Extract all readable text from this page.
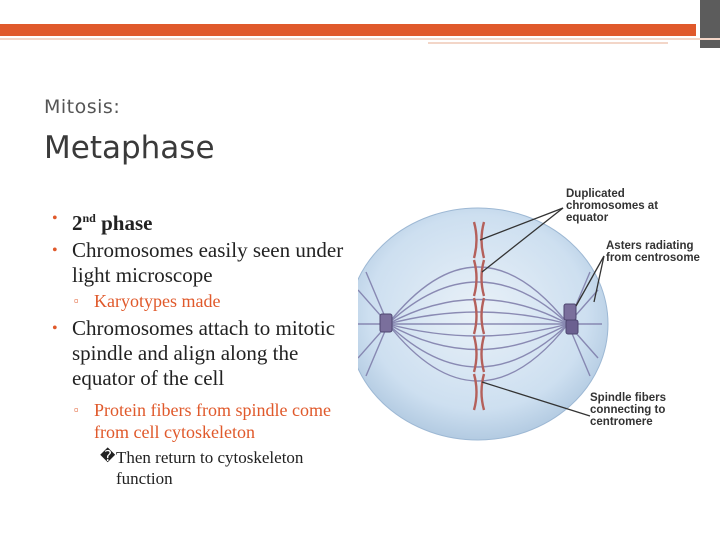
Mitosis:
Metaphase
• 2nd phase
• Chromosomes easily seen under light microscope
▫ Karyotypes made
• Chromosomes attach to mitotic spindle and align along the equator of the cell
▫ Protein fibers from spindle come from cell cytoskeleton
� Then return to cytoskeleton function
Duplicated chromosomes at equator
Asters radiating from centrosome
Spindle fibers connecting to centromere
